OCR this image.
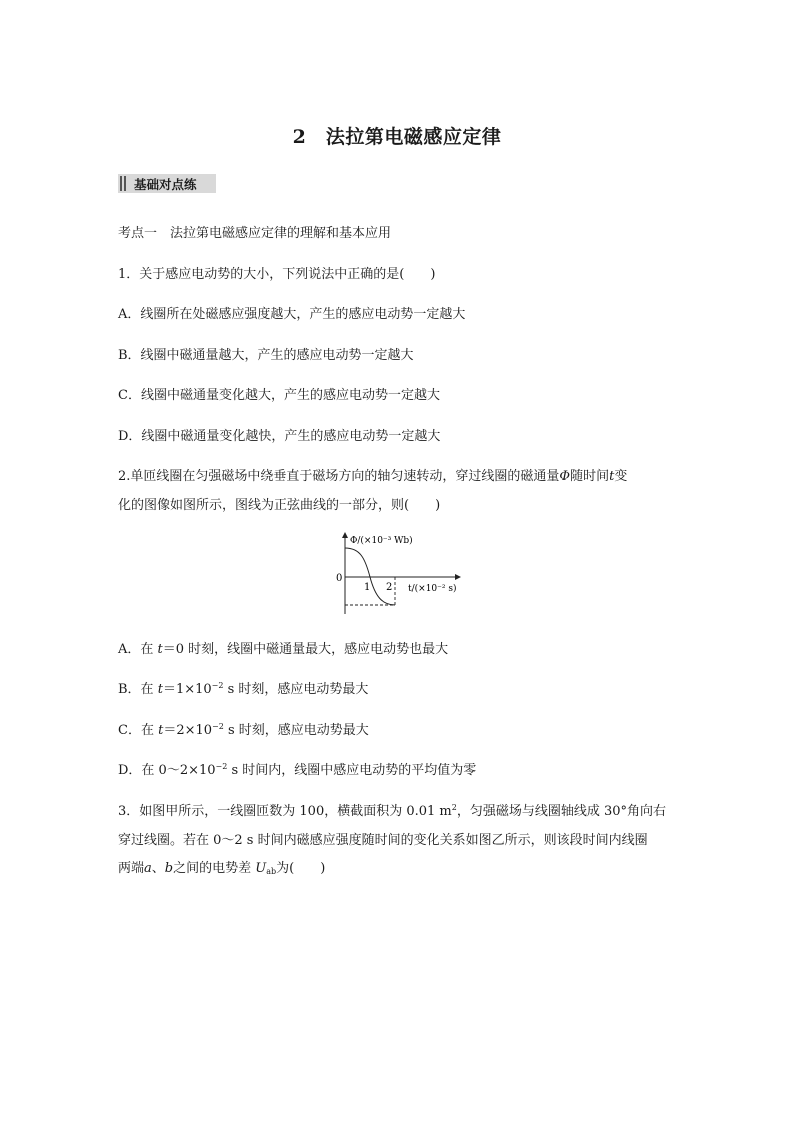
2　法拉第电磁感应定律
基础对点练
考点一　法拉第电磁感应定律的理解和基本应用
1．关于感应电动势的大小，下列说法中正确的是(　　)
A．线圈所在处磁感应强度越大，产生的感应电动势一定越大
B．线圈中磁通量越大，产生的感应电动势一定越大
C．线圈中磁通量变化越大，产生的感应电动势一定越大
D．线圈中磁通量变化越快，产生的感应电动势一定越大
2.单匝线圈在匀强磁场中绕垂直于磁场方向的轴匀速转动，穿过线圈的磁通量Φ随时间t变
化的图像如图所示，图线为正弦曲线的一部分，则(　　)
Φ/(×10⁻³ Wb)
0
1 2 t/(×10⁻² s)
A．在 t＝0 时刻，线圈中磁通量最大，感应电动势也最大
B．在 $t=1\times 10^{-2}$ s 时刻，感应电动势最大
C．在 $t=2\times 10^{-2}$ s 时刻，感应电动势最大
D．在 $0\sim 2\times 10^{-2}$ s 时间内，线圈中感应电动势的平均值为零
3．如图甲所示，一线圈匝数为 100，横截面积为 0.01 $m^2$，匀强磁场与线圈轴线成 30°角向右
穿过线圈。若在 0～2 s 时间内磁感应强度随时间的变化关系如图乙所示，则该段时间内线圈
两端a、b之间的电势差 $U_{ab}$为(　　)
